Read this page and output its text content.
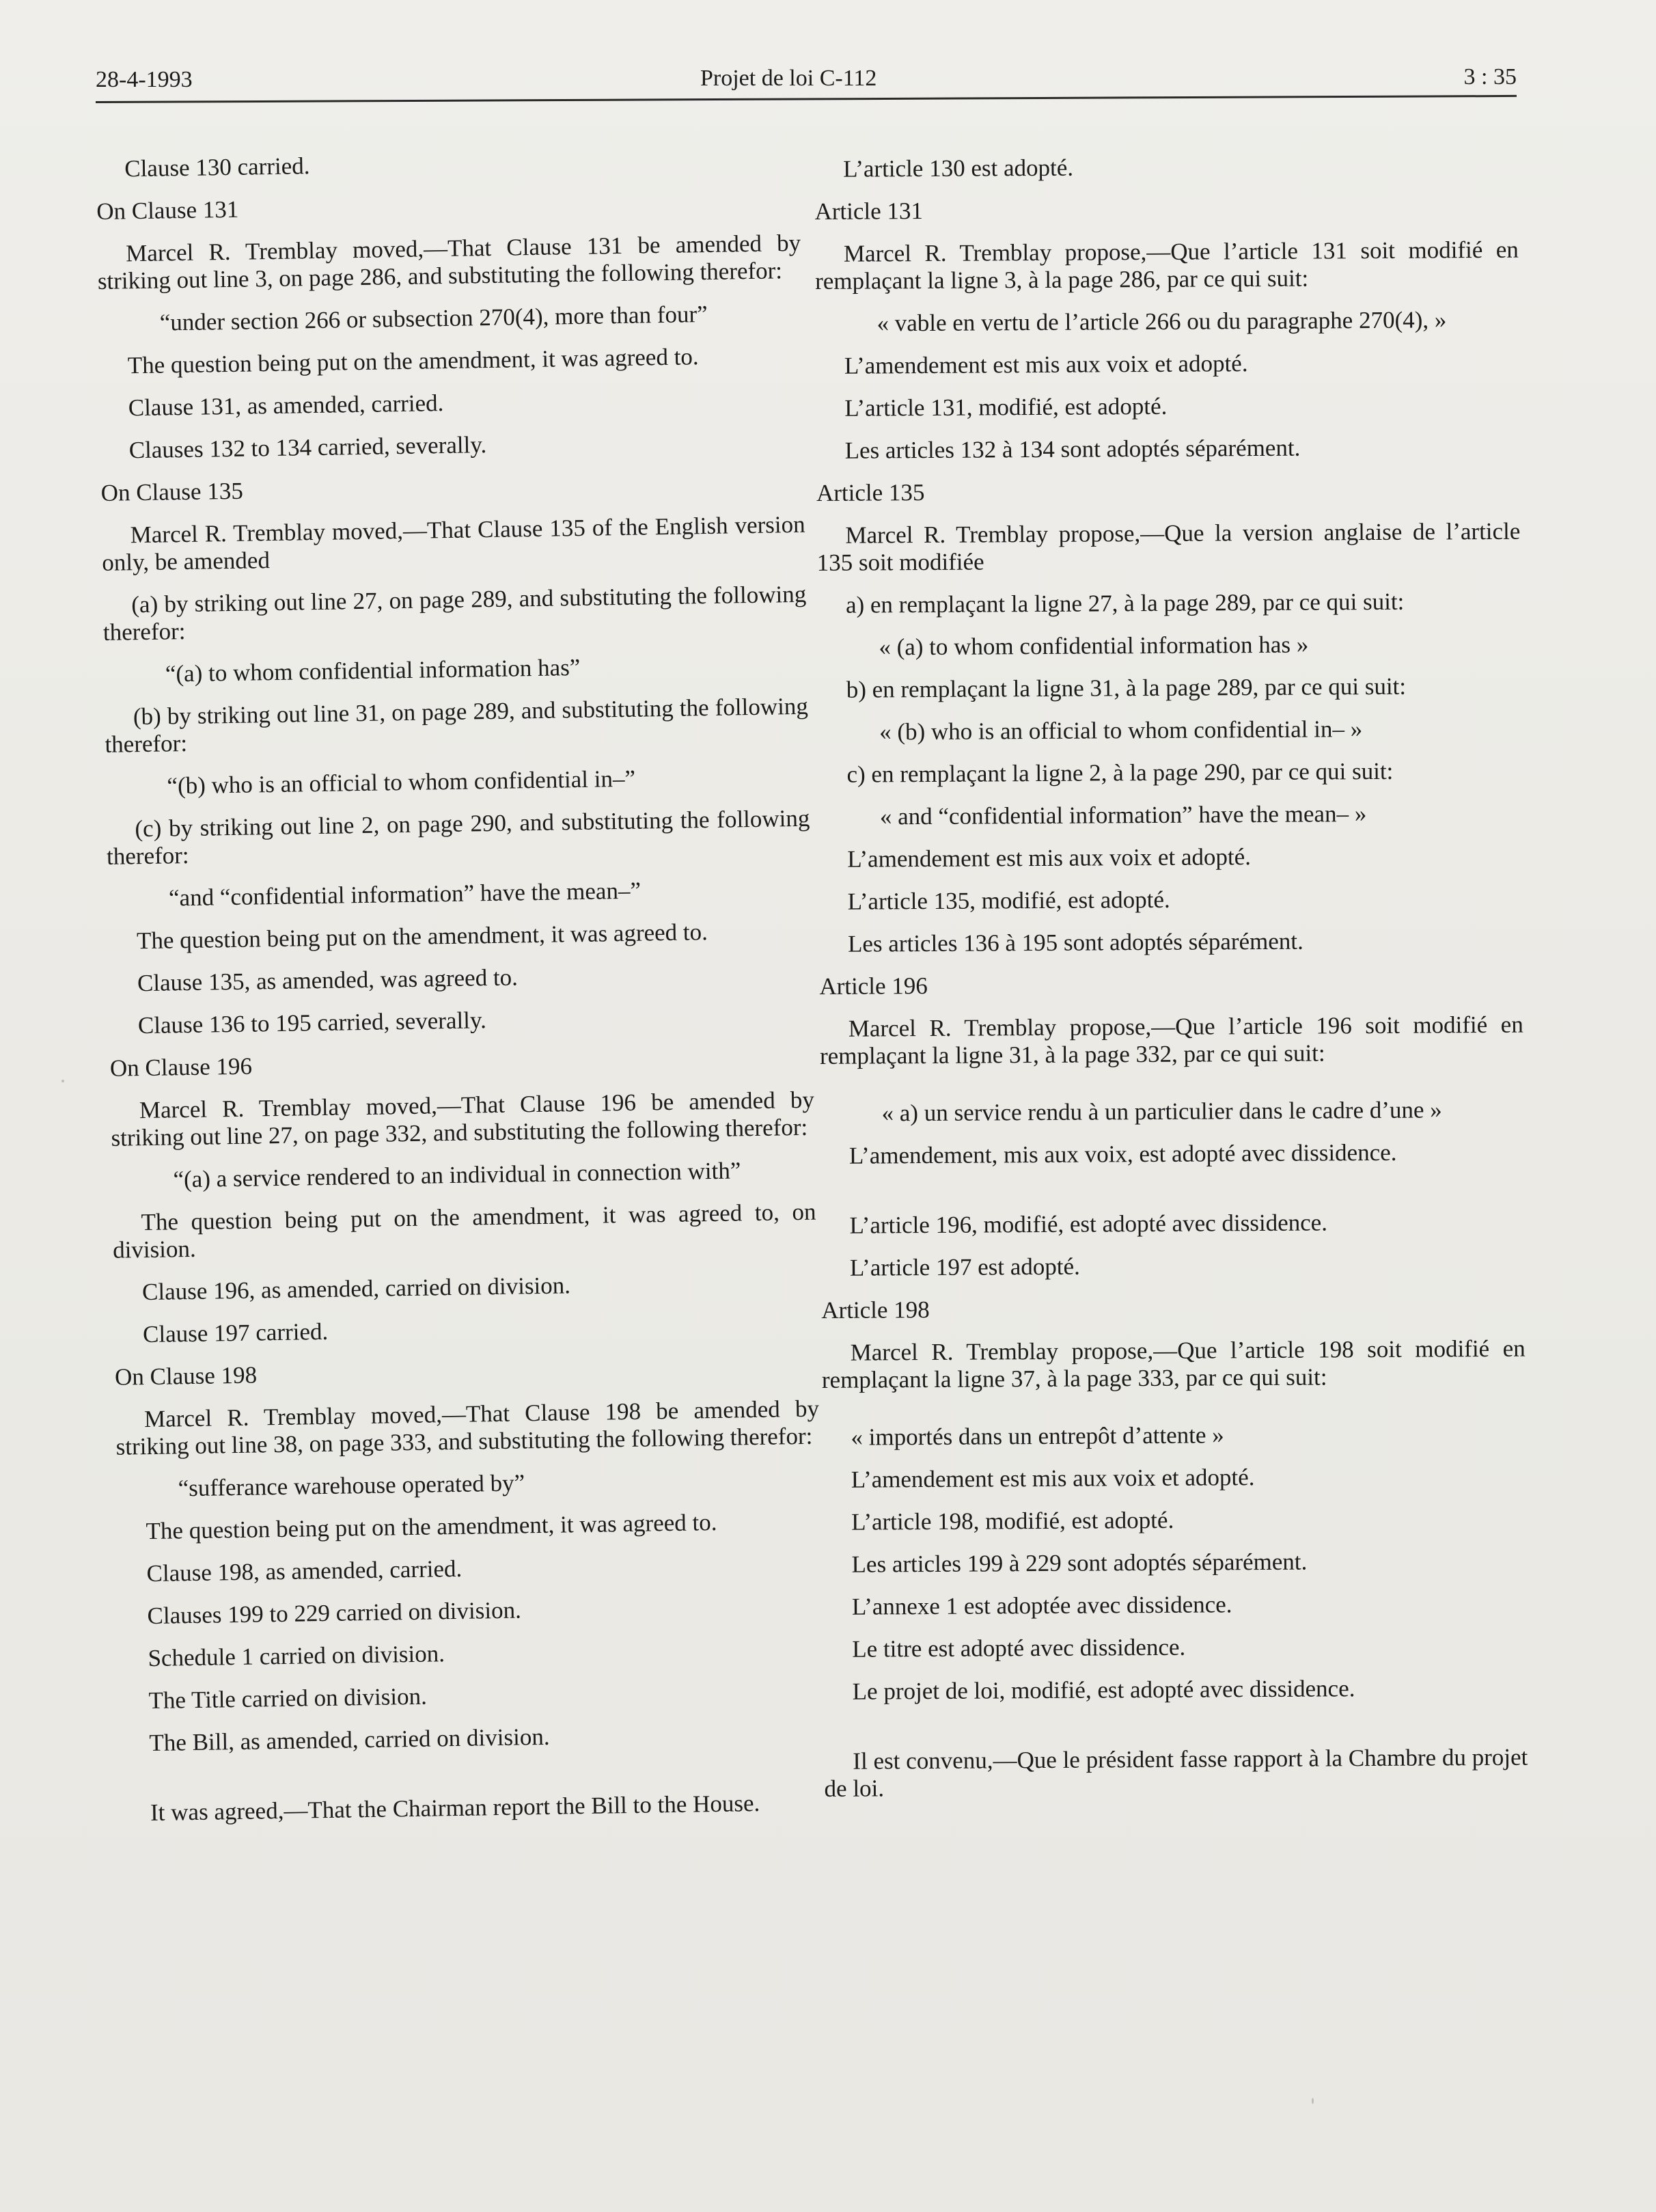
28-4-1993	Projet de loi C-112	3 : 35

Clause 130 carried.

On Clause 131

Marcel R. Tremblay moved,—That Clause 131 be amended by striking out line 3, on page 286, and substituting the following therefor:

“under section 266 or subsection 270(4), more than four”

The question being put on the amendment, it was agreed to.

Clause 131, as amended, carried.

Clauses 132 to 134 carried, severally.

On Clause 135

Marcel R. Tremblay moved,—That Clause 135 of the English version only, be amended

(a) by striking out line 27, on page 289, and substituting the following therefor:

“(a) to whom confidential information has”

(b) by striking out line 31, on page 289, and substituting the following therefor:

“(b) who is an official to whom confidential in–”

(c) by striking out line 2, on page 290, and substituting the following therefor:

“and “confidential information” have the mean–”

The question being put on the amendment, it was agreed to.

Clause 135, as amended, was agreed to.

Clause 136 to 195 carried, severally.

On Clause 196

Marcel R. Tremblay moved,—That Clause 196 be amended by striking out line 27, on page 332, and substituting the following therefor:

“(a) a service rendered to an individual in connection with”

The question being put on the amendment, it was agreed to, on division.

Clause 196, as amended, carried on division.

Clause 197 carried.

On Clause 198

Marcel R. Tremblay moved,—That Clause 198 be amended by striking out line 38, on page 333, and substituting the following therefor:

“sufferance warehouse operated by”

The question being put on the amendment, it was agreed to.

Clause 198, as amended, carried.

Clauses 199 to 229 carried on division.

Schedule 1 carried on division.

The Title carried on division.

The Bill, as amended, carried on division.

It was agreed,—That the Chairman report the Bill to the House.

L’article 130 est adopté.

Article 131

Marcel R. Tremblay propose,—Que l’article 131 soit modifié en remplaçant la ligne 3, à la page 286, par ce qui suit:

« vable en vertu de l’article 266 ou du paragraphe 270(4), »

L’amendement est mis aux voix et adopté.

L’article 131, modifié, est adopté.

Les articles 132 à 134 sont adoptés séparément.

Article 135

Marcel R. Tremblay propose,—Que la version anglaise de l’article 135 soit modifiée

a) en remplaçant la ligne 27, à la page 289, par ce qui suit:

« (a) to whom confidential information has »

b) en remplaçant la ligne 31, à la page 289, par ce qui suit:

« (b) who is an official to whom confidential in– »

c) en remplaçant la ligne 2, à la page 290, par ce qui suit:

« and “confidential information” have the mean– »

L’amendement est mis aux voix et adopté.

L’article 135, modifié, est adopté.

Les articles 136 à 195 sont adoptés séparément.

Article 196

Marcel R. Tremblay propose,—Que l’article 196 soit modifié en remplaçant la ligne 31, à la page 332, par ce qui suit:

« a) un service rendu à un particulier dans le cadre d’une »

L’amendement, mis aux voix, est adopté avec dissidence.

L’article 196, modifié, est adopté avec dissidence.

L’article 197 est adopté.

Article 198

Marcel R. Tremblay propose,—Que l’article 198 soit modifié en remplaçant la ligne 37, à la page 333, par ce qui suit:

« importés dans un entrepôt d’attente »

L’amendement est mis aux voix et adopté.

L’article 198, modifié, est adopté.

Les articles 199 à 229 sont adoptés séparément.

L’annexe 1 est adoptée avec dissidence.

Le titre est adopté avec dissidence.

Le projet de loi, modifié, est adopté avec dissidence.

Il est convenu,—Que le président fasse rapport à la Chambre du projet de loi.
